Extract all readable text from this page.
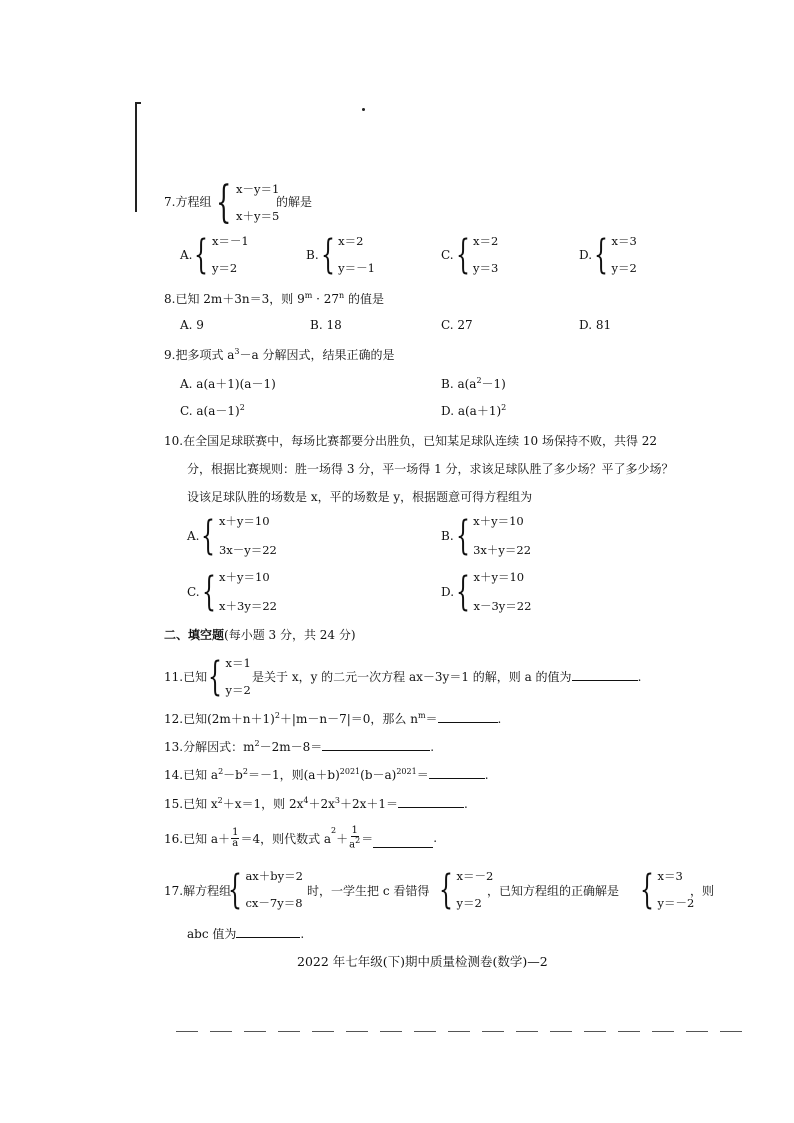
7.方程组 { x－y＝1
x＋y＝5
的解是
A. { x＝－1
y＝2
B. { x＝2
y＝－1
C. { x＝2
y＝3
D. { x＝3
y＝2
8.已知 2m＋3n＝3，则 $9^m \cdot 27^n$ 的值是
A. 9	B. 18	C. 27	D. 81
9.把多项式 $a^3-a$ 分解因式，结果正确的是
A. a(a＋1)(a－1)	B. $a(a^2-1)$
C. $a(a-1)^2$	D. $a(a+1)^2$
10.在全国足球联赛中，每场比赛都要分出胜负，已知某足球队连续 10 场保持不败，共得 22
分，根据比赛规则：胜一场得 3 分，平一场得 1 分，求该足球队胜了多少场？平了多少场？
设该足球队胜的场数是 x，平的场数是 y，根据题意可得方程组为
A. { x＋y＝10
3x－y＝22
B. { x＋y＝10
3x＋y＝22
C. { x＋y＝10
x＋3y＝22
D. { x＋y＝10
x－3y＝22
二、填空题(每小题 3 分，共 24 分)
11.已知 { x＝1
y＝2
是关于 x，y 的二元一次方程 ax－3y＝1 的解，则 a 的值为	.
12.已知$(2m+n+1)^2+|m-n-7|=0$，那么 $n^m=$	.
13.分解因式：$m^2-2m-8=$	.
14.已知 $a^2-b^2=-1$，则$(a+b)^{2021}(b-a)^{2021}=$	.
15.已知 $x^2+x=1$，则 $2x^4+2x^3+2x+1=$	.
16.已知 $a+ \frac{1}{a} =4$，则代数式 a
$^2$
＋ $\frac{1}{a^2}$ ＝	.
17.解方程组
{ ax＋by＝2
cx－7y＝8
时，一学生把 c 看错得 { x＝－2
y＝2
，已知方程组的正确解是 { x＝3
y＝－2
，则
abc 值为	.
2022 年七年级(下)期中质量检测卷(数学)—2
